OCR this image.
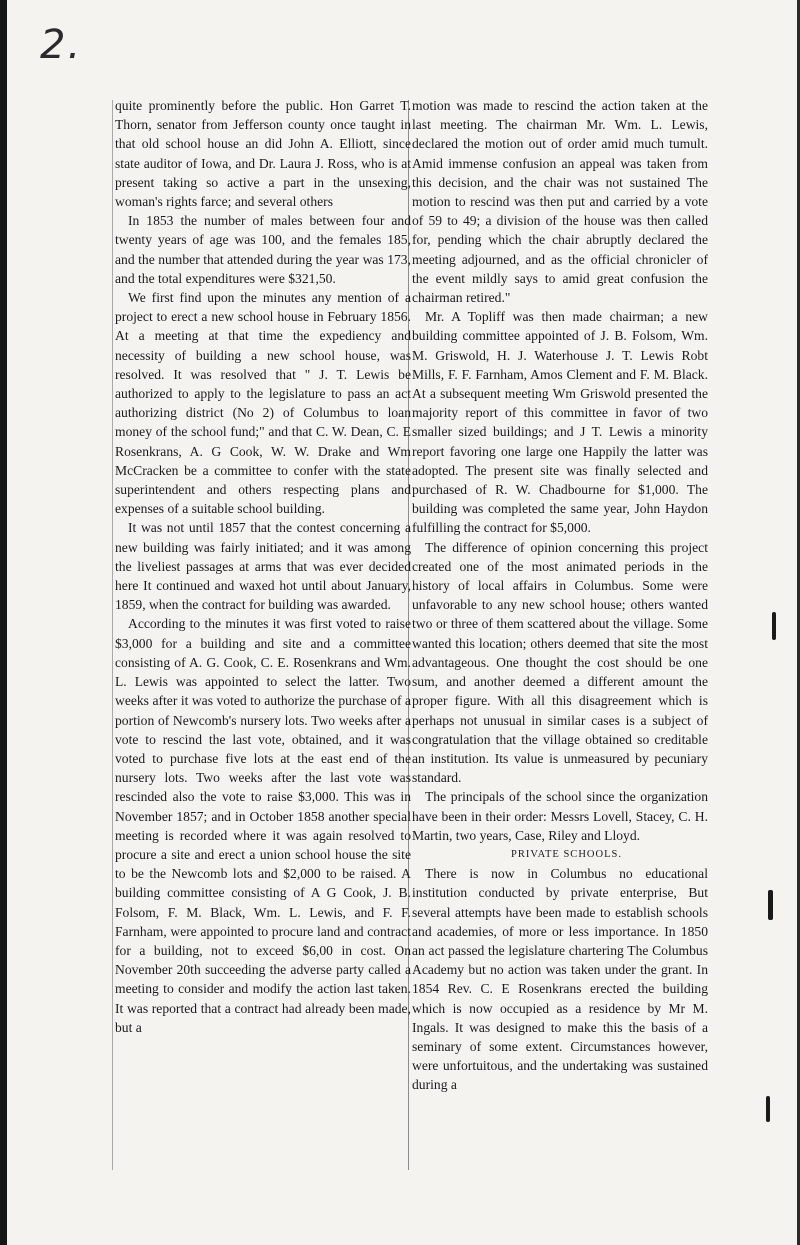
2.

quite prominently before the public. Hon Garret T. Thorn, senator from Jefferson county once taught in that old school house an did John A. Elliott, since state auditor of Iowa, and Dr. Laura J. Ross, who is at present taking so active a part in the unsexing, woman's rights farce; and several others

In 1853 the number of males between four and twenty years of age was 100, and the females 185, and the number that attended during the year was 173, and the total expenditures were $321,50.

We first find upon the minutes any mention of a project to erect a new school house in February 1856. At a meeting at that time the expediency and necessity of building a new school house, was resolved. It was resolved that " J. T. Lewis be authorized to apply to the legislature to pass an act authorizing district (No 2) of Columbus to loan money of the school fund;" and that C. W. Dean, C. E Rosenkrans, A. G Cook, W. W. Drake and Wm McCracken be a committee to confer with the state superintendent and others respecting plans and expenses of a suitable school building.

It was not until 1857 that the contest concerning a new building was fairly initiated; and it was among the liveliest passages at arms that was ever decided here It continued and waxed hot until about January, 1859, when the contract for building was awarded.

According to the minutes it was first voted to raise $3,000 for a building and site and a committee consisting of A. G. Cook, C. E. Rosenkrans and Wm. L. Lewis was appointed to select the latter. Two weeks after it was voted to authorize the purchase of a portion of Newcomb's nursery lots. Two weeks after a vote to rescind the last vote, obtained, and it was voted to purchase five lots at the east end of the nursery lots. Two weeks after the last vote was rescinded also the vote to raise $3,000. This was in November 1857; and in October 1858 another special meeting is recorded where it was again resolved to procure a site and erect a union school house the site to be the Newcomb lots and $2,000 to be raised. A building committee consisting of A G Cook, J. B. Folsom, F. M. Black, Wm. L. Lewis, and F. F. Farnham, were appointed to procure land and contract for a building, not to exceed $6,00 in cost. On November 20th succeeding the adverse party called a meeting to consider and modify the action last taken. It was reported that a contract had already been made, but a

motion was made to rescind the action taken at the last meeting. The chairman Mr. Wm. L. Lewis, declared the motion out of order amid much tumult. Amid immense confusion an appeal was taken from this decision, and the chair was not sustained The motion to rescind was then put and carried by a vote of 59 to 49; a division of the house was then called for, pending which the chair abruptly declared the meeting adjourned, and as the official chronicler of the event mildly says to amid great confusion the chairman retired."

Mr. A Topliff was then made chairman; a new building committee appointed of J. B. Folsom, Wm. M. Griswold, H. J. Waterhouse J. T. Lewis Robt Mills, F. F. Farnham, Amos Clement and F. M. Black. At a subsequent meeting Wm Griswold presented the majority report of this committee in favor of two smaller sized buildings; and J T. Lewis a minority report favoring one large one Happily the latter was adopted. The present site was finally selected and purchased of R. W. Chadbourne for $1,000. The building was completed the same year, John Haydon fulfilling the contract for $5,000.

The difference of opinion concerning this project created one of the most animated periods in the history of local affairs in Columbus. Some were unfavorable to any new school house; others wanted two or three of them scattered about the village. Some wanted this location; others deemed that site the most advantageous. One thought the cost should be one sum, and another deemed a different amount the proper figure. With all this disagreement which is perhaps not unusual in similar cases is a subject of congratulation that the village obtained so creditable an institution. Its value is unmeasured by pecuniary standard.

The principals of the school since the organization have been in their order: Messrs Lovell, Stacey, C. H. Martin, two years, Case, Riley and Lloyd.

PRIVATE SCHOOLS.

There is now in Columbus no educational institution conducted by private enterprise, But several attempts have been made to establish schools and academies, of more or less importance. In 1850 an act passed the legislature chartering The Columbus Academy but no action was taken under the grant. In 1854 Rev. C. E Rosenkrans erected the building which is now occupied as a residence by Mr M. Ingals. It was designed to make this the basis of a seminary of some extent. Circumstances however, were unfortuitous, and the undertaking was sustained during a
